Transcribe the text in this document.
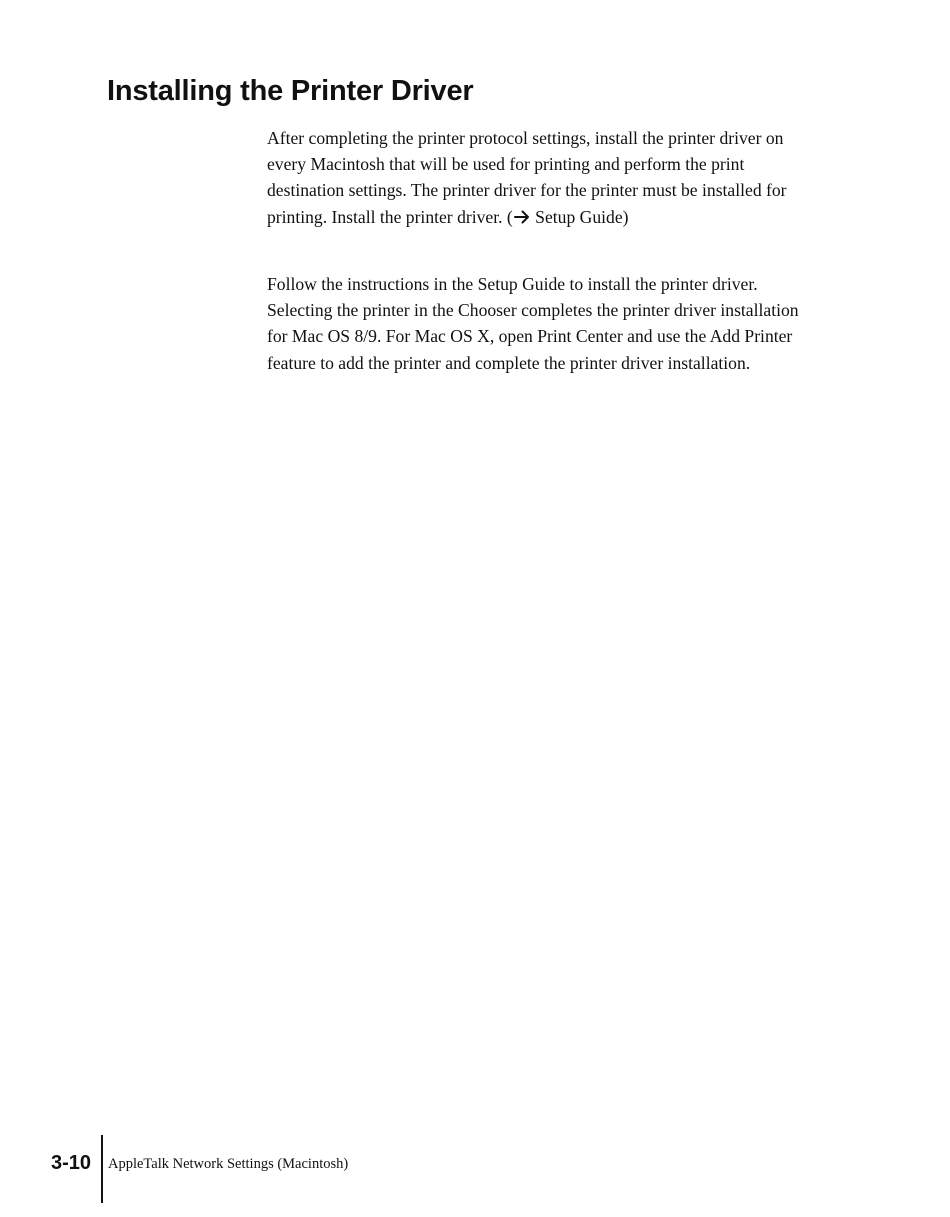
Installing the Printer Driver

After completing the printer protocol settings, install the printer driver on
every Macintosh that will be used for printing and perform the print
destination settings. The printer driver for the printer must be installed for
printing. Install the printer driver. ( Setup Guide)

Follow the instructions in the Setup Guide to install the printer driver.
Selecting the printer in the Chooser completes the printer driver installation
for Mac OS 8/9. For Mac OS X, open Print Center and use the Add Printer
feature to add the printer and complete the printer driver installation.

3-10 AppleTalk Network Settings (Macintosh)
